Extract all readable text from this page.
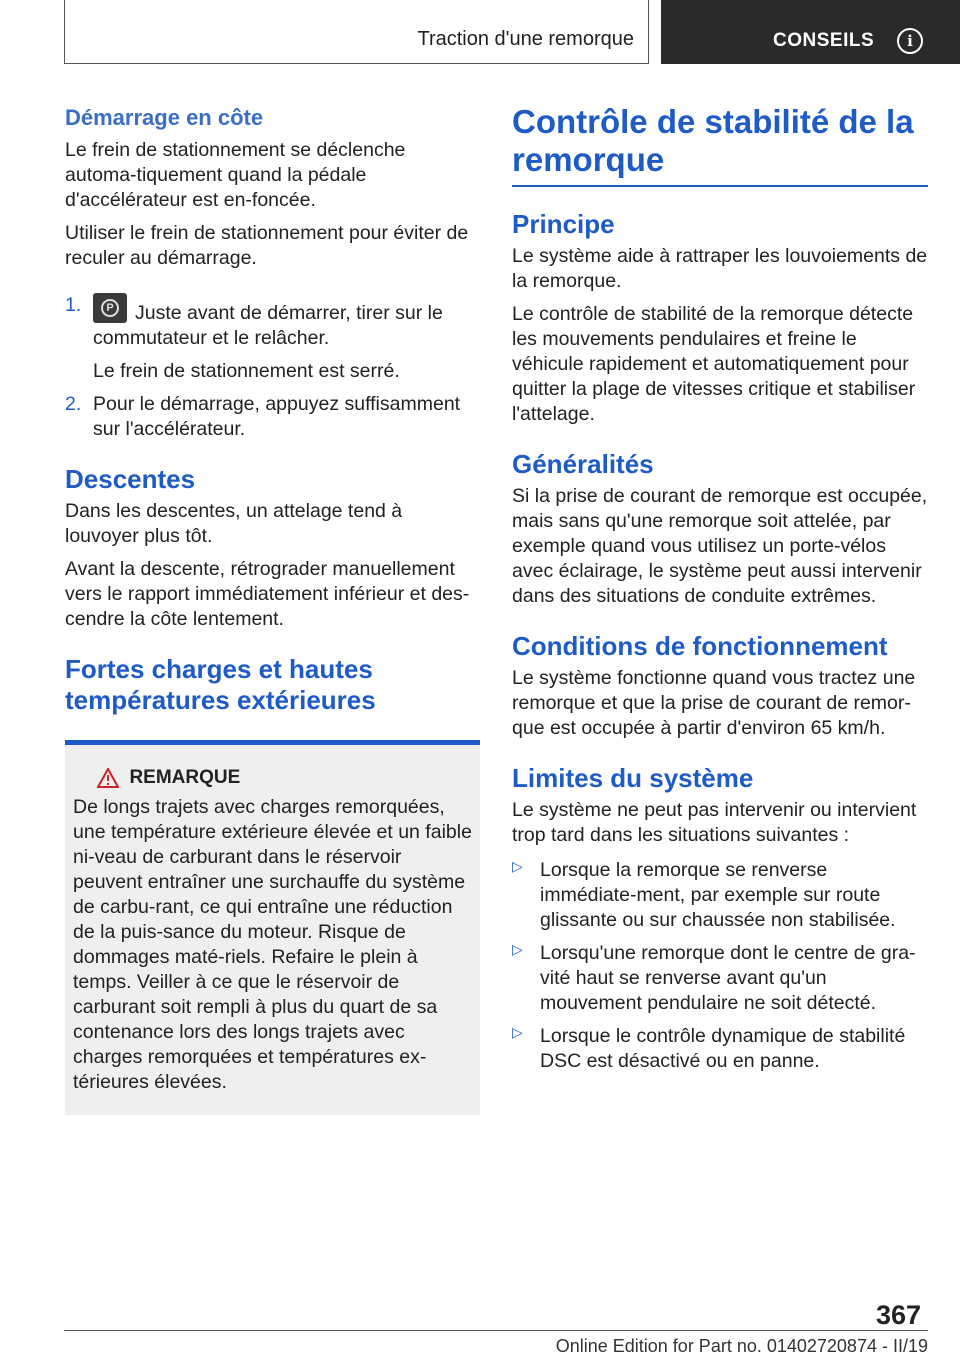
Traction d'une remorque	CONSEILS	i
Démarrage en côte

Le frein de stationnement se déclenche automa-tiquement quand la pédale d'accélérateur est en-foncée.

Utiliser le frein de stationnement pour éviter de reculer au démarrage.

1.	P Juste avant de démarrer, tirer sur le commutateur et le relâcher.

Le frein de stationnement est serré.

2. Pour le démarrage, appuyez suffisamment sur l'accélérateur.

Descentes

Dans les descentes, un attelage tend à louvoyer plus tôt.

Avant la descente, rétrograder manuellement vers le rapport immédiatement inférieur et des-cendre la côte lentement.

Fortes charges et hautes températures extérieures
REMARQUE

De longs trajets avec charges remorquées, une température extérieure élevée et un faible ni-veau de carburant dans le réservoir peuvent entraîner une surchauffe du système de carbu-rant, ce qui entraîne une réduction de la puis-sance du moteur. Risque de dommages maté-riels. Refaire le plein à temps. Veiller à ce que le réservoir de carburant soit rempli à plus du quart de sa contenance lors des longs trajets avec charges remorquées et températures ex-térieures élevées.

Contrôle de stabilité de la remorque
Principe

Le système aide à rattraper les louvoiements de la remorque.

Le contrôle de stabilité de la remorque détecte les mouvements pendulaires et freine le véhicule rapidement et automatiquement pour quitter la plage de vitesses critique et stabiliser l'attelage.

Généralités

Si la prise de courant de remorque est occupée, mais sans qu'une remorque soit attelée, par exemple quand vous utilisez un porte-vélos avec éclairage, le système peut aussi intervenir dans des situations de conduite extrêmes.

Conditions de fonctionnement

Le système fonctionne quand vous tractez une remorque et que la prise de courant de remor-que est occupée à partir d'environ 65 km/h.

Limites du système

Le système ne peut pas intervenir ou intervient trop tard dans les situations suivantes :

▷ Lorsque la remorque se renverse immédiate-ment, par exemple sur route glissante ou sur chaussée non stabilisée.

▷ Lorsqu'une remorque dont le centre de gra-vité haut se renverse avant qu'un mouvement pendulaire ne soit détecté.

▷ Lorsque le contrôle dynamique de stabilité DSC est désactivé ou en panne.

367
Online Edition for Part no. 01402720874 - II/19
